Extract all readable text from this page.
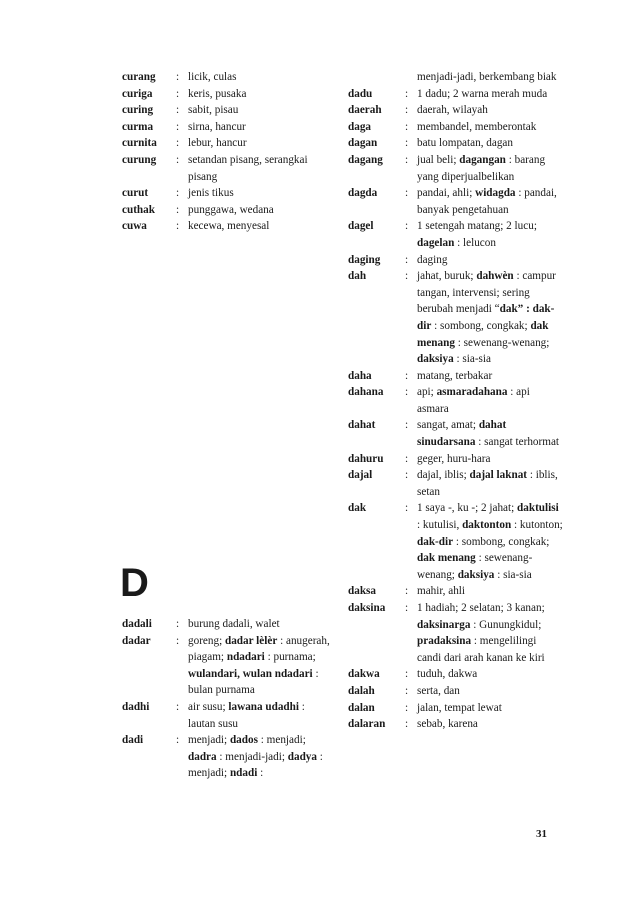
curang	: licik, culas
curiga	: keris, pusaka
curing	: sabit, pisau
curma	: sirna, hancur
curnita	: lebur, hancur
curung	: setandan pisang, serangkai pisang
curut	: jenis tikus
cuthak	: punggawa, wedana
cuwa	: kecewa, menyesal
D
dadali	: burung dadali, walet
dadar	: goreng; dadar lèlèr : anugerah, piagam; ndadari : purnama; wulandari, wulan ndadari : bulan purnama
dadhi	: air susu; lawana udadhi : lautan susu
dadi	: menjadi; dados : menjadi; dadra : menjadi-jadi; dadya : menjadi; ndadi :
menjadi-jadi, berkembang biak
dadu	: 1 dadu; 2 warna merah muda
daerah	: daerah, wilayah
daga	: membandel, memberontak
dagan	: batu lompatan, dagan
dagang	: jual beli; dagangan : barang yang diperjualbelikan
dagda	: pandai, ahli; widagda : pandai, banyak pengetahuan
dagel	: 1 setengah matang; 2 lucu; dagelan : lelucon
daging	: daging
dah	: jahat, buruk; dahwèn : campur tangan, intervensi; sering berubah menjadi “dak” : dak-dir : sombong, congkak; dak menang : sewenang-wenang; daksiya : sia-sia
daha	: matang, terbakar
dahana	: api; asmaradahana : api asmara
dahat	: sangat, amat; dahat sinudarsana : sangat terhormat
dahuru	: geger, huru-hara
dajal	: dajal, iblis; dajal laknat : iblis, setan
dak	: 1 saya -, ku -; 2 jahat; daktulisi : kutulisi, daktonton : kutonton; dak-dir : sombong, congkak; dak menang : sewenang-wenang; daksiya : sia-sia
daksa	: mahir, ahli
daksina	: 1 hadiah; 2 selatan; 3 kanan; daksinarga : Gunungkidul; pradaksina : mengelilingi candi dari arah kanan ke kiri
dakwa	: tuduh, dakwa
dalah	: serta, dan
dalan	: jalan, tempat lewat
dalaran	: sebab, karena
31
